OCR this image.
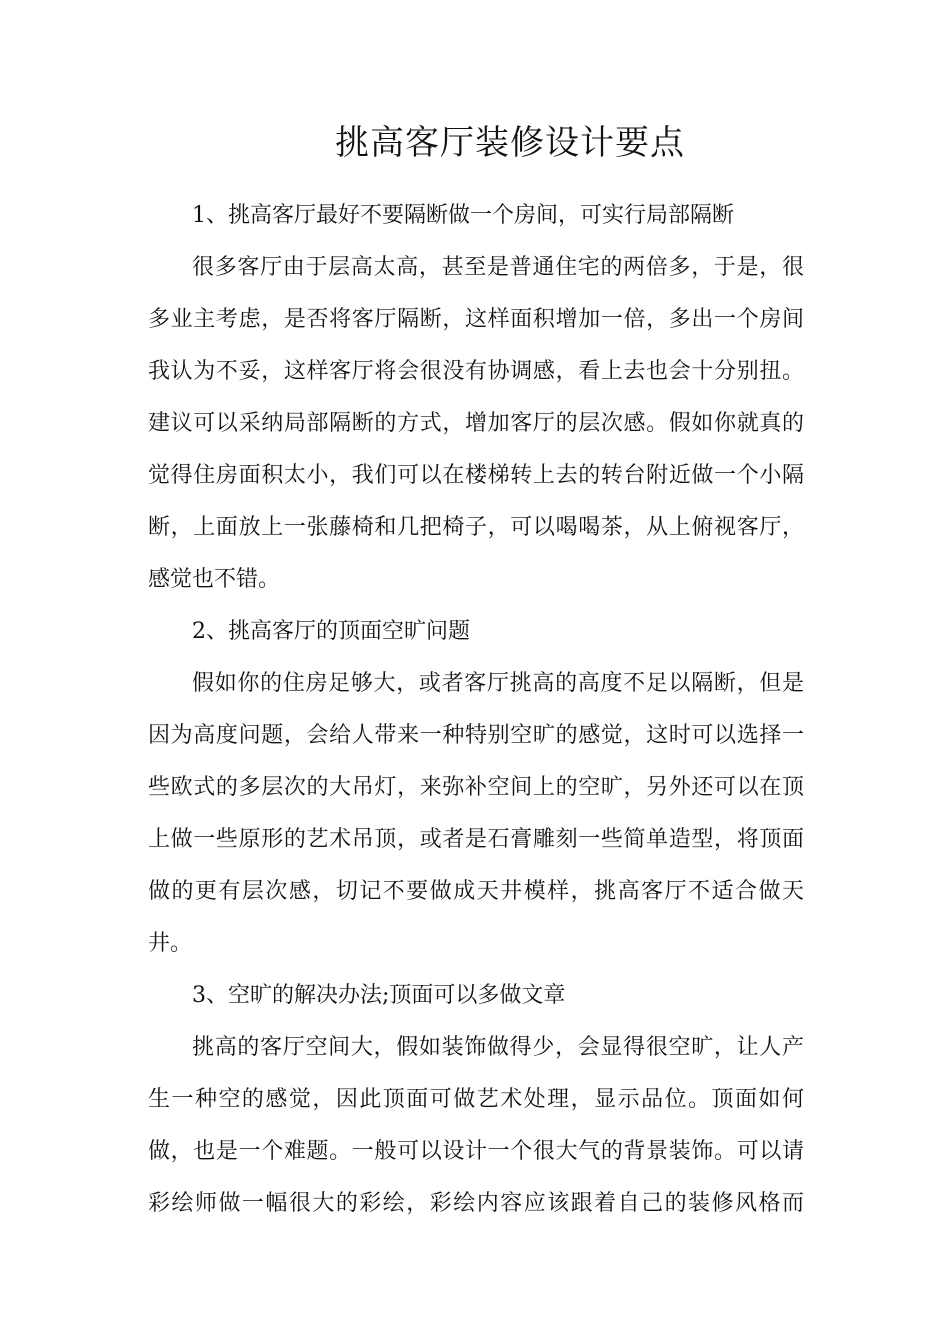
挑高客厅装修设计要点
1、挑高客厅最好不要隔断做一个房间，可实行局部隔断
很多客厅由于层高太高，甚至是普通住宅的两倍多，于是，很
多业主考虑，是否将客厅隔断，这样面积增加一倍，多出一个房间
我认为不妥，这样客厅将会很没有协调感，看上去也会十分别扭。
建议可以采纳局部隔断的方式，增加客厅的层次感。假如你就真的
觉得住房面积太小，我们可以在楼梯转上去的转台附近做一个小隔
断，上面放上一张藤椅和几把椅子，可以喝喝茶，从上俯视客厅，
感觉也不错。
2、挑高客厅的顶面空旷问题
假如你的住房足够大，或者客厅挑高的高度不足以隔断，但是
因为高度问题，会给人带来一种特别空旷的感觉，这时可以选择一
些欧式的多层次的大吊灯，来弥补空间上的空旷，另外还可以在顶
上做一些原形的艺术吊顶，或者是石膏雕刻一些简单造型，将顶面
做的更有层次感，切记不要做成天井模样，挑高客厅不适合做天
井。
3、空旷的解决办法;顶面可以多做文章
挑高的客厅空间大，假如装饰做得少，会显得很空旷，让人产
生一种空的感觉，因此顶面可做艺术处理，显示品位。顶面如何
做，也是一个难题。一般可以设计一个很大气的背景装饰。可以请
彩绘师做一幅很大的彩绘，彩绘内容应该跟着自己的装修风格而
